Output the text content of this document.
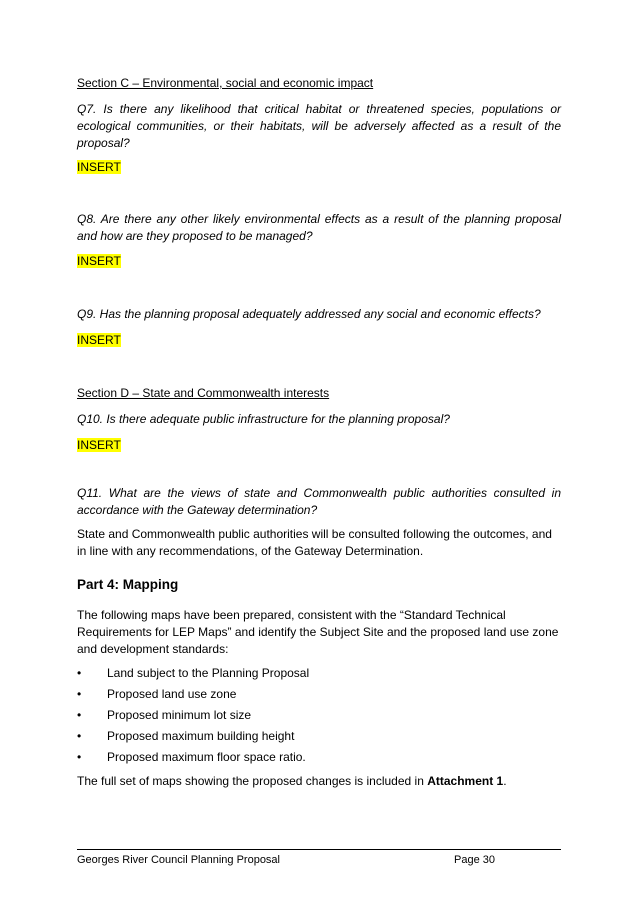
Section C – Environmental, social and economic impact

Q7. Is there any likelihood that critical habitat or threatened species, populations or ecological communities, or their habitats, will be adversely affected as a result of the proposal?

INSERT

Q8. Are there any other likely environmental effects as a result of the planning proposal and how are they proposed to be managed?

INSERT

Q9. Has the planning proposal adequately addressed any social and economic effects?

INSERT

Section D – State and Commonwealth interests

Q10. Is there adequate public infrastructure for the planning proposal?

INSERT

Q11. What are the views of state and Commonwealth public authorities consulted in accordance with the Gateway determination?

State and Commonwealth public authorities will be consulted following the outcomes, and in line with any recommendations, of the Gateway Determination.

Part 4: Mapping

The following maps have been prepared, consistent with the “Standard Technical Requirements for LEP Maps” and identify the Subject Site and the proposed land use zone and development standards:

• Land subject to the Planning Proposal
• Proposed land use zone
• Proposed minimum lot size
• Proposed maximum building height
• Proposed maximum floor space ratio.

The full set of maps showing the proposed changes is included in Attachment 1.

Georges River Council Planning Proposal	Page 30
